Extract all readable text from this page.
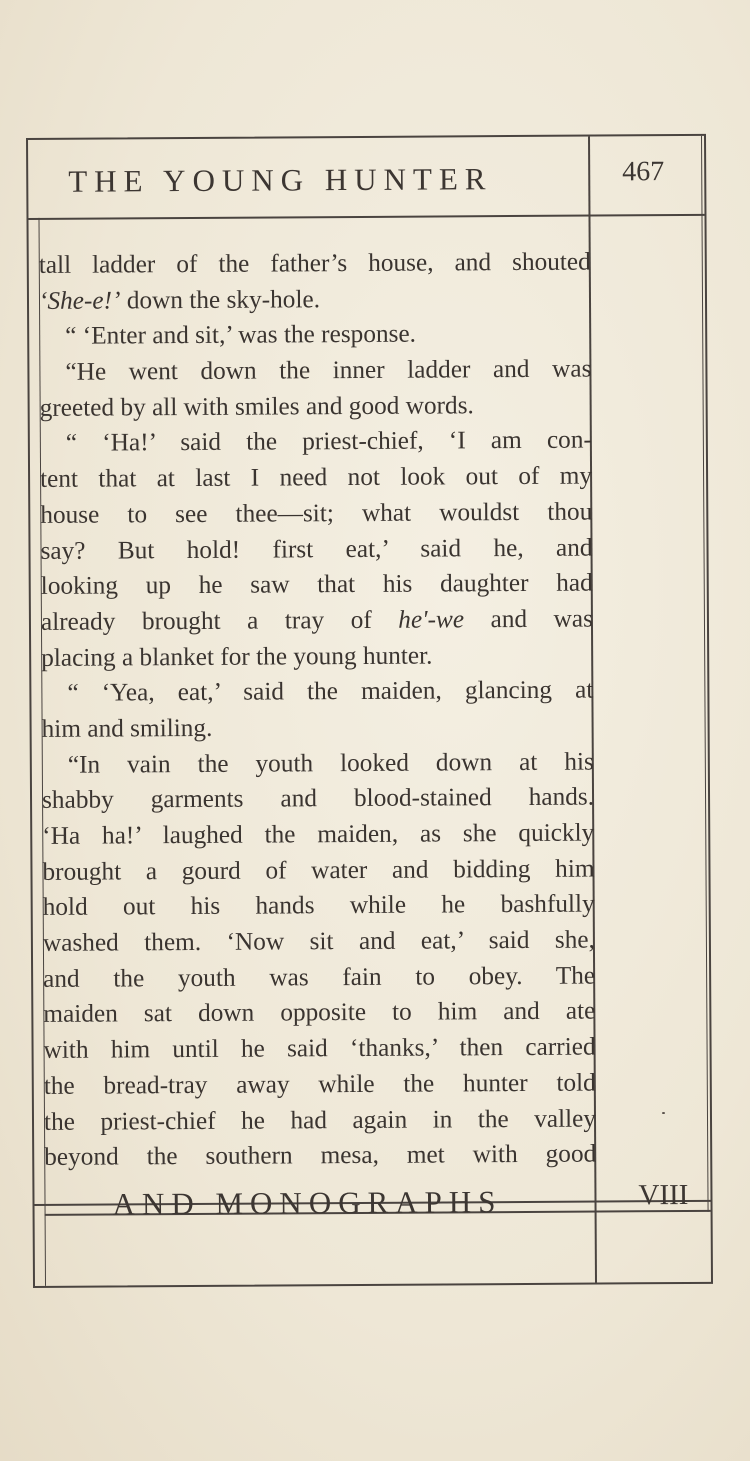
THE YOUNG HUNTER	467
tall ladder of the father’s house, and shouted
‘She-e!’ down the sky-hole.
“ ‘Enter and sit,’ was the response.
“He went down the inner ladder and was
greeted by all with smiles and good words.
“ ‘Ha!’ said the priest-chief, ‘I am con-
tent that at last I need not look out of my
house to see thee—sit; what wouldst thou
say? But hold! first eat,’ said he, and
looking up he saw that his daughter had
already brought a tray of he'-we and was
placing a blanket for the young hunter.
“ ‘Yea, eat,’ said the maiden, glancing at
him and smiling.
“In vain the youth looked down at his
shabby garments and blood-stained hands.
‘Ha ha!’ laughed the maiden, as she quickly
brought a gourd of water and bidding him
hold out his hands while he bashfully
washed them. ‘Now sit and eat,’ said she,
and the youth was fain to obey. The
maiden sat down opposite to him and ate
with him until he said ‘thanks,’ then carried
the bread-tray away while the hunter told
the priest-chief he had again in the valley
beyond the southern mesa, met with good
AND MONOGRAPHS	VIII
